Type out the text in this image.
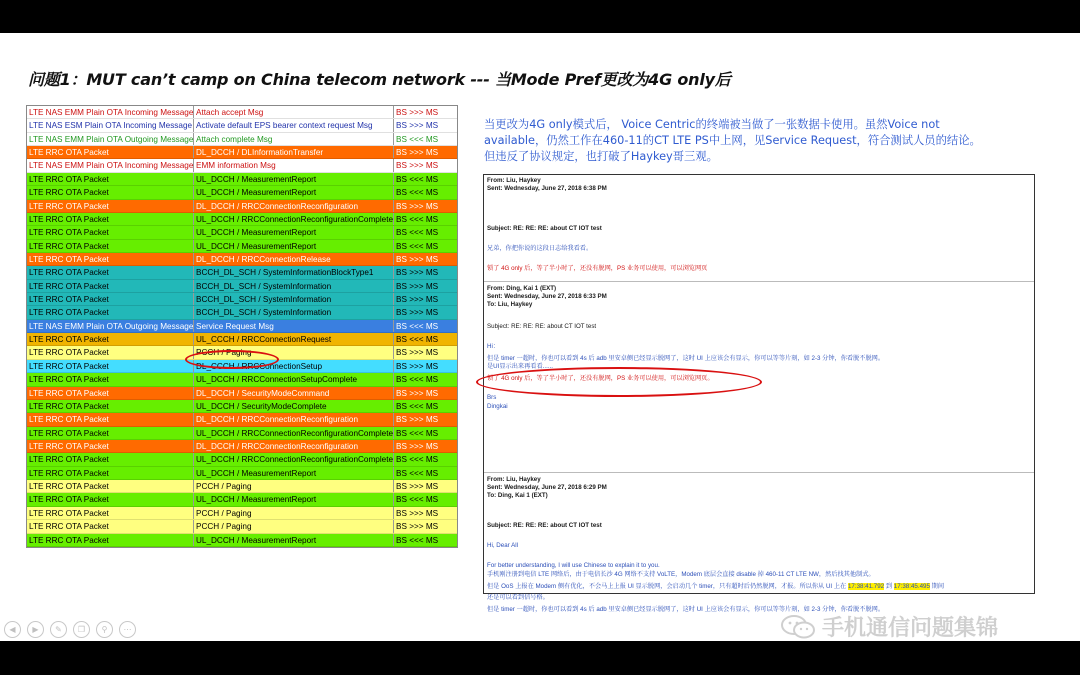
问题1：MUT can’t camp on China telecom network --- 当Mode Pref更改为4G only后
LTE NAS EMM Plain OTA Incoming Message Attach accept Msg	BS >>> MS
LTE NAS ESM Plain OTA Incoming Message Activate default EPS bearer context request Msg	BS >>> MS
LTE NAS EMM Plain OTA Outgoing Message Attach complete Msg	BS <<< MS
LTE RRC OTA Packet	DL_DCCH / DLInformationTransfer	BS >>> MS
LTE NAS EMM Plain OTA Incoming Message EMM information Msg	BS >>> MS
LTE RRC OTA Packet	UL_DCCH / MeasurementReport	BS <<< MS
LTE RRC OTA Packet	UL_DCCH / MeasurementReport	BS <<< MS
LTE RRC OTA Packet	DL_DCCH / RRCConnectionReconfiguration	BS >>> MS
LTE RRC OTA Packet	UL_DCCH / RRCConnectionReconfigurationComplete BS <<< MS
LTE RRC OTA Packet	UL_DCCH / MeasurementReport	BS <<< MS
LTE RRC OTA Packet	UL_DCCH / MeasurementReport	BS <<< MS
LTE RRC OTA Packet	DL_DCCH / RRCConnectionRelease	BS >>> MS
LTE RRC OTA Packet	BCCH_DL_SCH / SystemInformationBlockType1	BS >>> MS
LTE RRC OTA Packet	BCCH_DL_SCH / SystemInformation	BS >>> MS
LTE RRC OTA Packet	BCCH_DL_SCH / SystemInformation	BS >>> MS
LTE RRC OTA Packet	BCCH_DL_SCH / SystemInformation	BS >>> MS
LTE NAS EMM Plain OTA Outgoing Message Service Request Msg	BS <<< MS
LTE RRC OTA Packet	UL_CCCH / RRCConnectionRequest	BS <<< MS
LTE RRC OTA Packet	PCCH / Paging	BS >>> MS
LTE RRC OTA Packet	DL_CCCH / RRCConnectionSetup	BS >>> MS
LTE RRC OTA Packet	UL_DCCH / RRCConnectionSetupComplete	BS <<< MS
LTE RRC OTA Packet	DL_DCCH / SecurityModeCommand	BS >>> MS
LTE RRC OTA Packet	UL_DCCH / SecurityModeComplete	BS <<< MS
LTE RRC OTA Packet	DL_DCCH / RRCConnectionReconfiguration	BS >>> MS
LTE RRC OTA Packet	UL_DCCH / RRCConnectionReconfigurationComplete BS <<< MS
LTE RRC OTA Packet	DL_DCCH / RRCConnectionReconfiguration	BS >>> MS
LTE RRC OTA Packet	UL_DCCH / RRCConnectionReconfigurationComplete BS <<< MS
LTE RRC OTA Packet	UL_DCCH / MeasurementReport	BS <<< MS
LTE RRC OTA Packet	PCCH / Paging	BS >>> MS
LTE RRC OTA Packet	UL_DCCH / MeasurementReport	BS <<< MS
LTE RRC OTA Packet	PCCH / Paging	BS >>> MS
LTE RRC OTA Packet	PCCH / Paging	BS >>> MS
LTE RRC OTA Packet	UL_DCCH / MeasurementReport	BS <<< MS
当更改为4G only模式后， Voice Centric的终端被当做了一张数据卡使用。虽然Voice not
available，仍然工作在460-11的CT LTE PS中上网，见Service Request，符合测试人员的结论。
但违反了协议规定，也打破了Haykey哥三观。
From: Liu, Haykey
Sent: Wednesday, June 27, 2018 6:38 PM
Subject: RE: RE: RE: about CT IOT test
兄弟，你把你说的这段日志给我看看。
锁了 4G only 后，等了半小时了，还没有脱网，PS 业务可以使用，可以浏览网页
From: Ding, Kai 1 (EXT)
Sent: Wednesday, June 27, 2018 6:33 PM
To: Liu, Haykey
Subject: RE: RE: RE: about CT IOT test
Hi：
但是 timer 一超时，你也可以看到 4s 后 adb 里安卓侧已经显示脱网了，这时 UI 上应该会有显示，你可以等等片刻，如 2-3 分钟，你看脱不脱网。
是UI显示出来再看看......
锁了 4G only 后，等了半小时了，还没有脱网，PS 业务可以使用，可以浏览网页。
Brs
Dingkai
From: Liu, Haykey
Sent: Wednesday, June 27, 2018 6:29 PM
To: Ding, Kai 1 (EXT)
Subject: RE: RE: RE: about CT IOT test
Hi, Dear All
For better understanding, I will use Chinese to explain it to you.
手机刚注册到电信 LTE 网络后，由于电信长沙 4G 网络不支持 VoLTE，Modem 底层会直接 disable 掉 460-11 CT LTE NW，然后找其他制式。
但是 OoS 上报在 Modem 侧有优化，不会马上上报 UI 显示脱网，会启动几个 timer，只有超时后仍然脱网，才报。所以你从 UI 上在 17:38:41.792 到 17:38:45.495 期间
还是可以看到信号格。
但是 timer 一超时，你也可以看到 4s 后 adb 里安卓侧已经显示脱网了，这时 UI 上应该会有显示，你可以等等片刻，如 2-3 分钟，你看脱不脱网。
◀	▶	✎	❐	⚲	⋯	手机通信问题集锦
